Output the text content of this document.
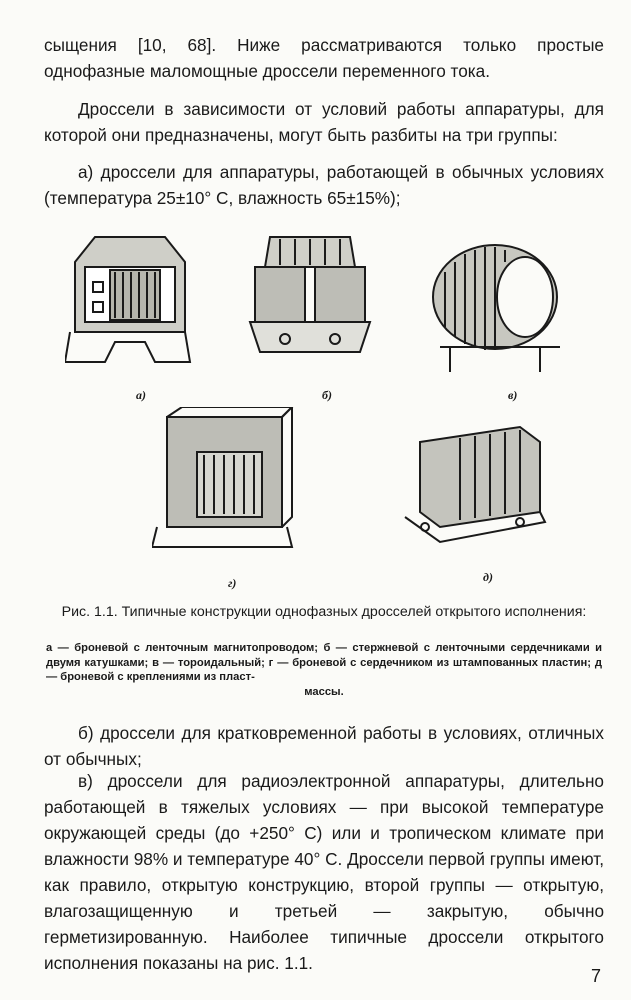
сыщения [10, 68]. Ниже рассматриваются только простые однофазные маломощные дроссели переменного тока.

Дроссели в зависимости от условий работы аппаратуры, для которой они предназначены, могут быть разбиты на три группы:

а) дроссели для аппаратуры, работающей в обычных условиях (температура 25±10° С, влажность 65±15%);

а)	б)	в)
г)	д)
Рис. 1.1. Типичные конструкции однофазных дросселей открытого исполнения:
а — броневой с ленточным магнитопроводом; б — стержневой с ленточными сердечниками и двумя катушками; в — тороидальный; г — броневой с сердечником из штампованных пластин; д — броневой с креплениями из пласт-
массы.

б) дроссели для кратковременной работы в условиях, отличных от обычных;

в) дроссели для радиоэлектронной аппаратуры, длительно работающей в тяжелых условиях — при высокой температуре окружающей среды (до +250° С) или и тропическом климате при влажности 98% и температуре 40° С. Дроссели первой группы имеют, как правило, открытую конструкцию, второй группы — открытую, влагозащищенную и третьей — закрытую, обычно герметизированную. Наиболее типичные дроссели открытого исполнения показаны на рис. 1.1.

7
